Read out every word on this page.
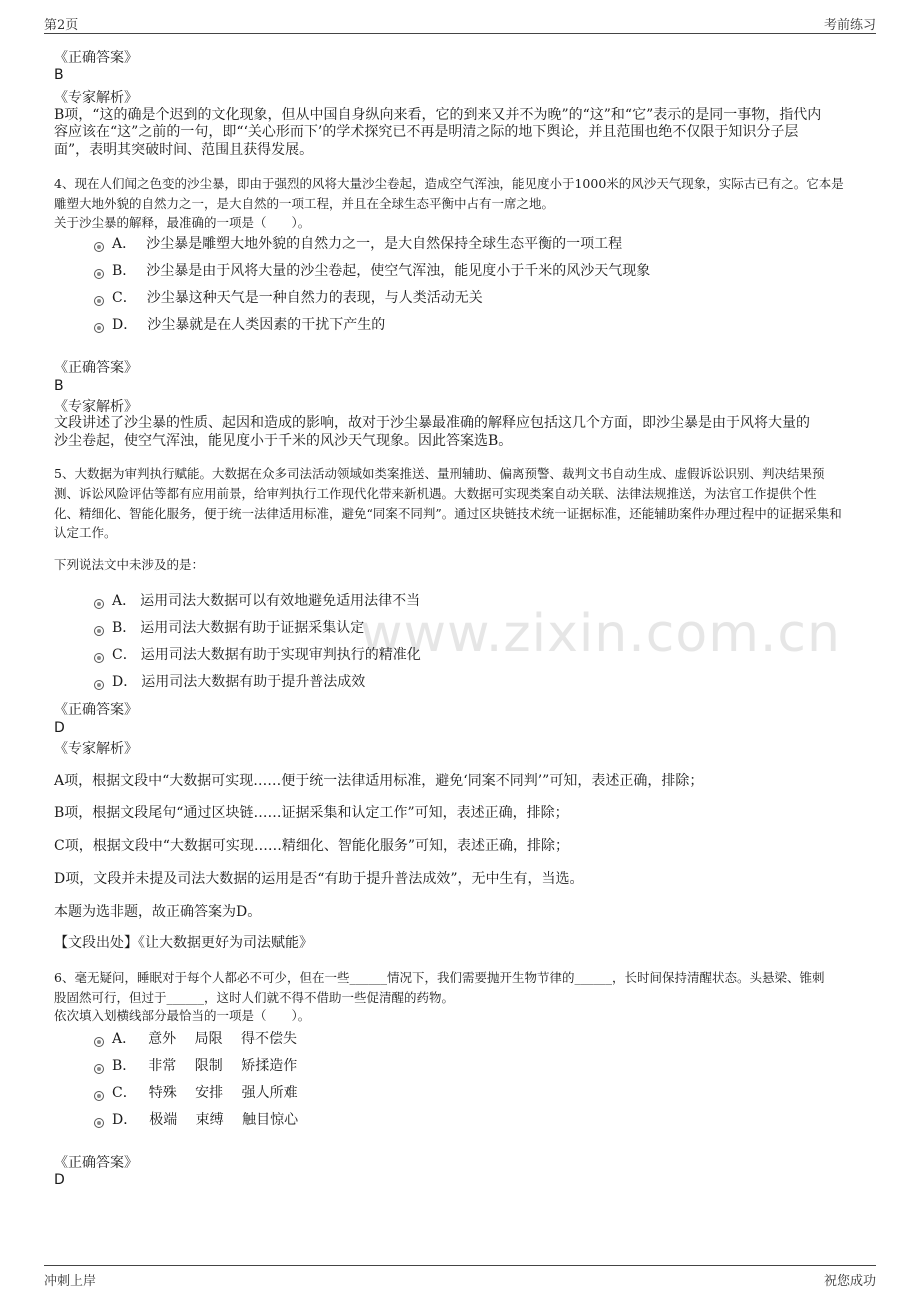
第2页	考前练习
www.zixin.com.cn
《正确答案》
B
《专家解析》
B项，“这的确是个迟到的文化现象，但从中国自身纵向来看，它的到来又并不为晚”的“这”和“它”表示的是同一事物，指代内
容应该在“这”之前的一句，即“‘关心形而下’的学术探究已不再是明清之际的地下舆论，并且范围也绝不仅限于知识分子层
面”，表明其突破时间、范围且获得发展。
4、现在人们闻之色变的沙尘暴，即由于强烈的风将大量沙尘卷起，造成空气浑浊，能见度小于1000米的风沙天气现象，实际古已有之。它本是
雕塑大地外貌的自然力之一，是大自然的一项工程，并且在全球生态平衡中占有一席之地。
关于沙尘暴的解释，最准确的一项是（　　）。
A． 沙尘暴是雕塑大地外貌的自然力之一，是大自然保持全球生态平衡的一项工程
B． 沙尘暴是由于风将大量的沙尘卷起，使空气浑浊，能见度小于千米的风沙天气现象
C． 沙尘暴这种天气是一种自然力的表现，与人类活动无关
D． 沙尘暴就是在人类因素的干扰下产生的
《正确答案》
B
《专家解析》
文段讲述了沙尘暴的性质、起因和造成的影响，故对于沙尘暴最准确的解释应包括这几个方面，即沙尘暴是由于风将大量的
沙尘卷起，使空气浑浊，能见度小于千米的风沙天气现象。因此答案选B。
5、大数据为审判执行赋能。大数据在众多司法活动领域如类案推送、量刑辅助、偏离预警、裁判文书自动生成、虚假诉讼识别、判决结果预
测、诉讼风险评估等都有应用前景，给审判执行工作现代化带来新机遇。大数据可实现类案自动关联、法律法规推送，为法官工作提供个性
化、精细化、智能化服务，便于统一法律适用标准，避免“同案不同判”。通过区块链技术统一证据标准，还能辅助案件办理过程中的证据采集和
认定工作。
下列说法文中未涉及的是：
A． 运用司法大数据可以有效地避免适用法律不当
B． 运用司法大数据有助于证据采集认定
C． 运用司法大数据有助于实现审判执行的精准化
D． 运用司法大数据有助于提升普法成效
《正确答案》
D
《专家解析》
A项，根据文段中“大数据可实现……便于统一法律适用标准，避免‘同案不同判’”可知，表述正确，排除；
B项，根据文段尾句“通过区块链……证据采集和认定工作”可知，表述正确，排除；
C项，根据文段中“大数据可实现……精细化、智能化服务”可知，表述正确，排除；
D项，文段并未提及司法大数据的运用是否“有助于提升普法成效”，无中生有，当选。
本题为选非题，故正确答案为D。
【文段出处】《让大数据更好为司法赋能》
6、毫无疑问，睡眠对于每个人都必不可少，但在一些______情况下，我们需要抛开生物节律的______，长时间保持清醒状态。头悬梁、锥刺
股固然可行，但过于______，这时人们就不得不借助一些促清醒的药物。
依次填入划横线部分最恰当的一项是（　　）。
A． 意外　 局限　 得不偿失
B． 非常　 限制　 矫揉造作
C． 特殊　 安排　 强人所难
D． 极端　 束缚　 触目惊心
《正确答案》
D
冲刺上岸	祝您成功
